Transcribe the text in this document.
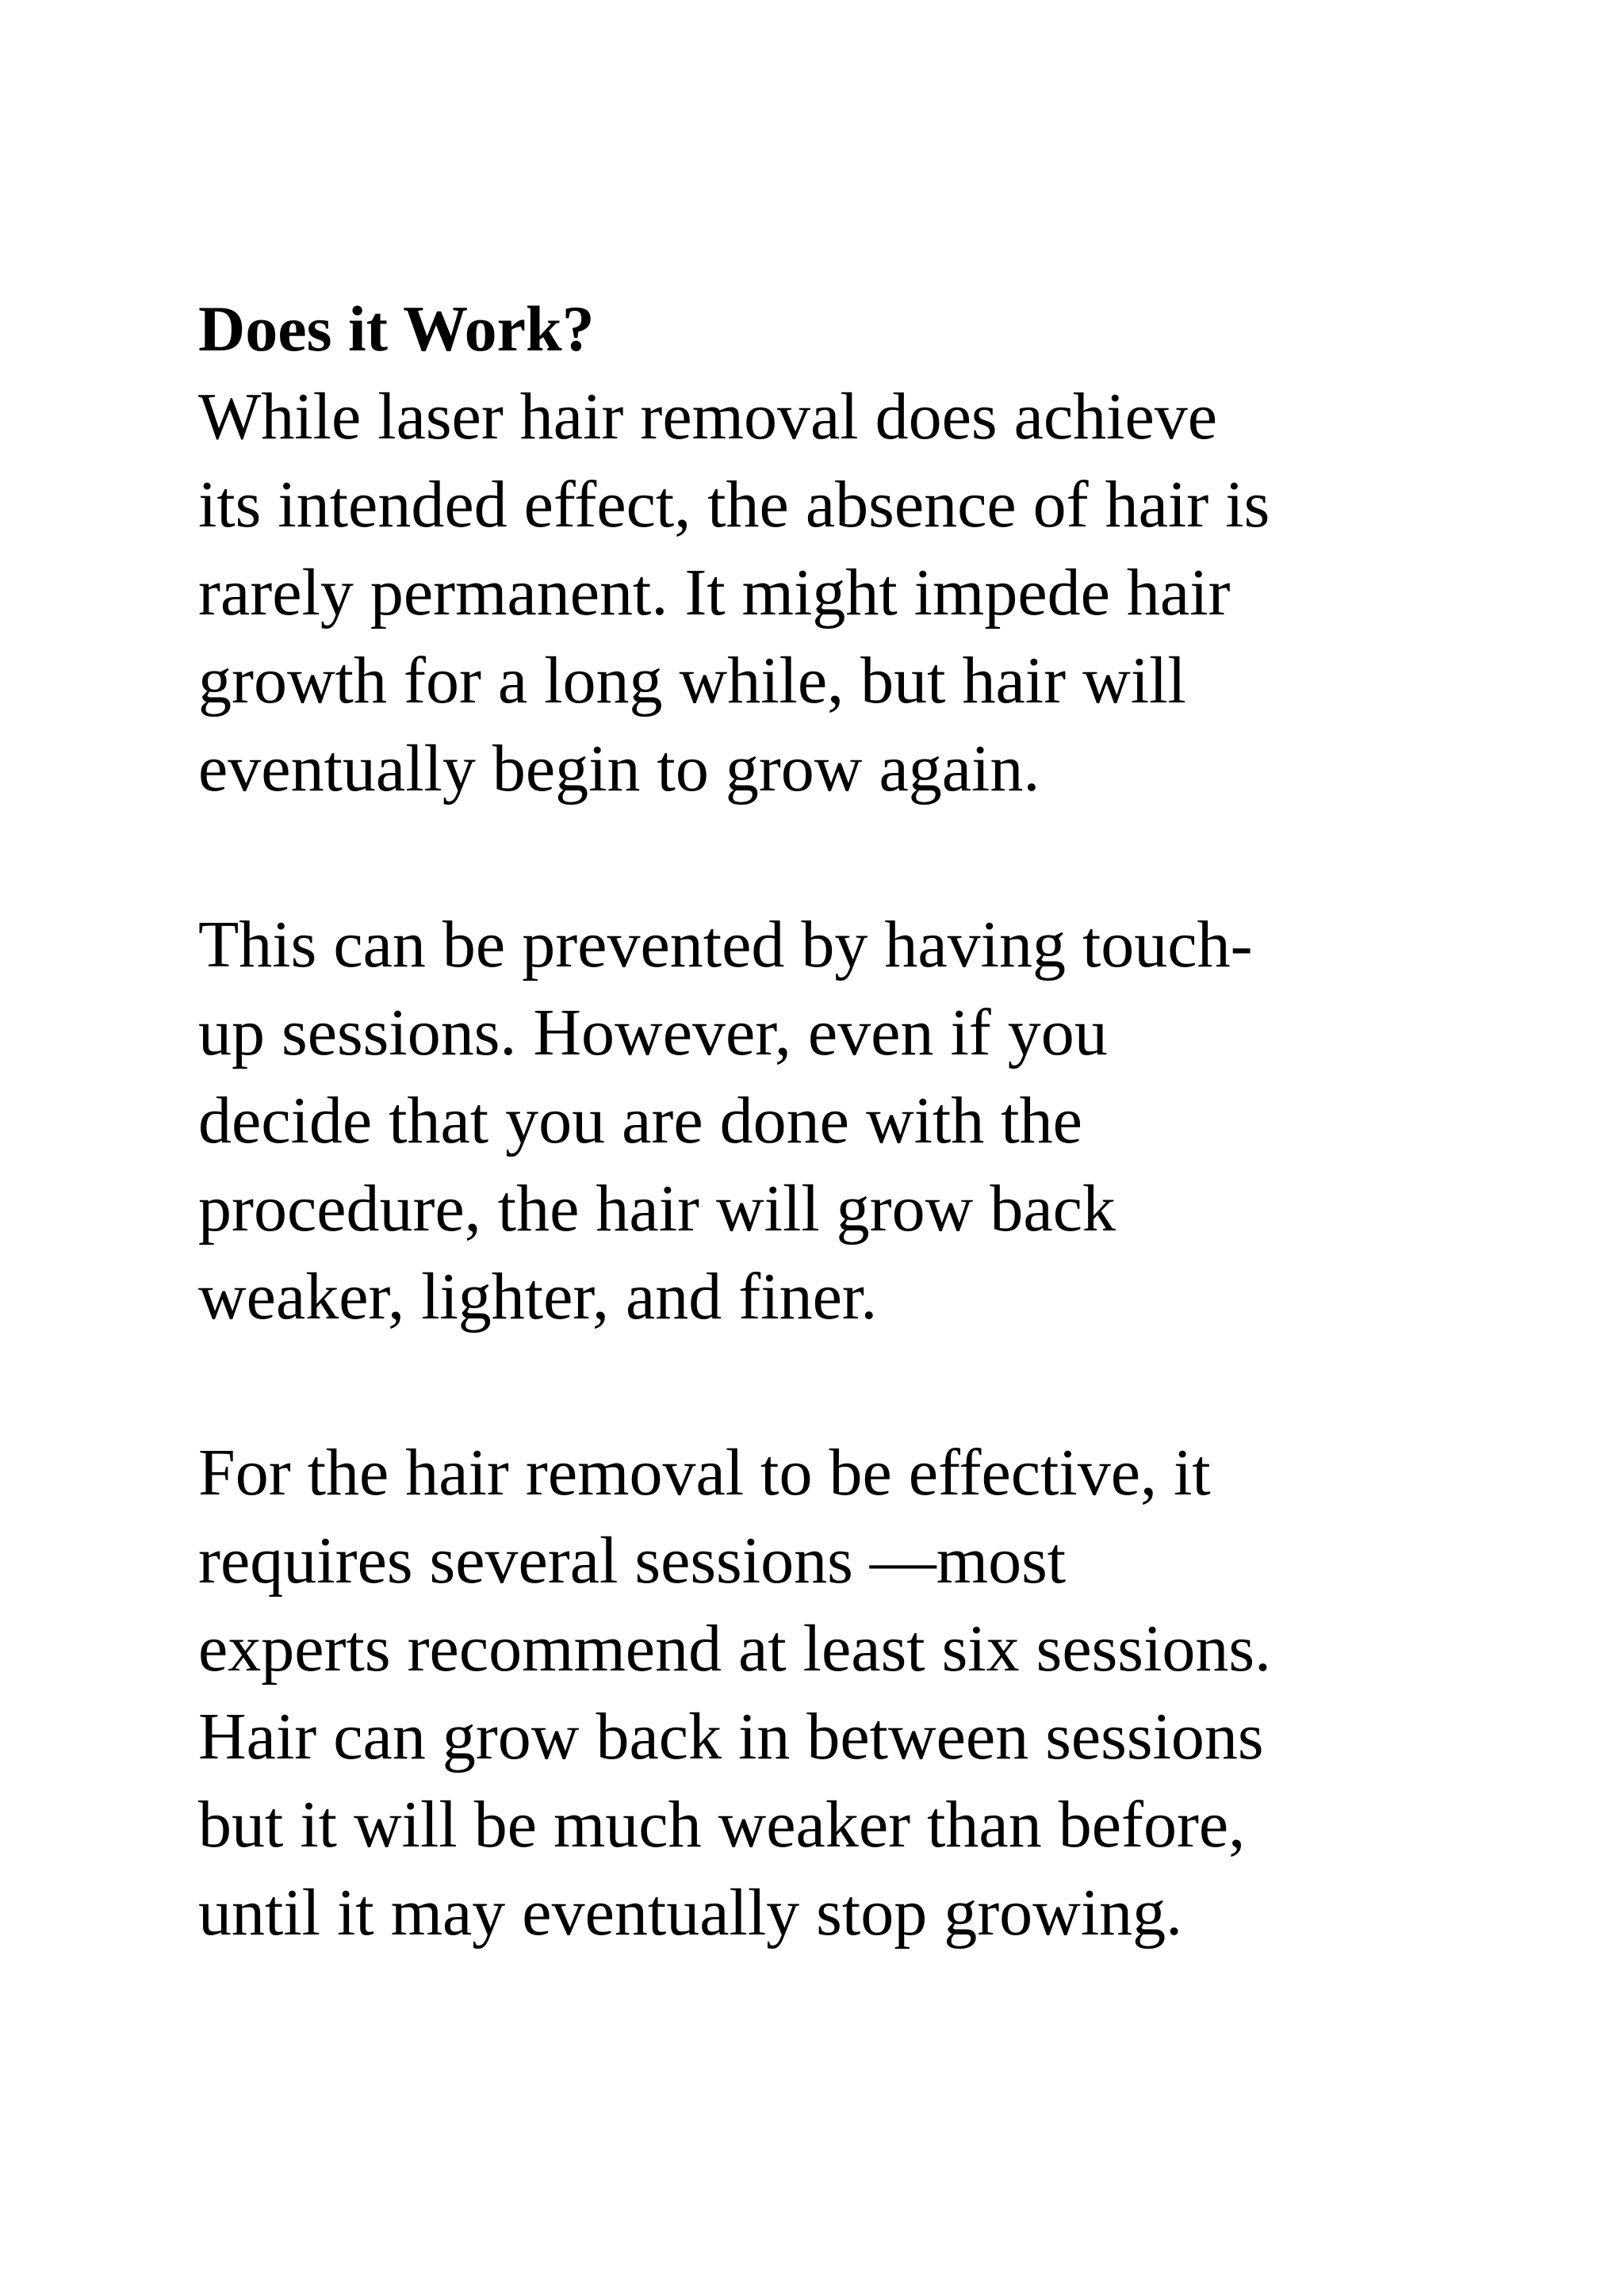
Does it Work?

While laser hair removal does achieve
its intended effect, the absence of hair is
rarely permanent. It might impede hair
growth for a long while, but hair will
eventually begin to grow again.

This can be prevented by having touch-
up sessions. However, even if you
decide that you are done with the
procedure, the hair will grow back
weaker, lighter, and finer.

For the hair removal to be effective, it
requires several sessions —most
experts recommend at least six sessions.
Hair can grow back in between sessions
but it will be much weaker than before,
until it may eventually stop growing.
